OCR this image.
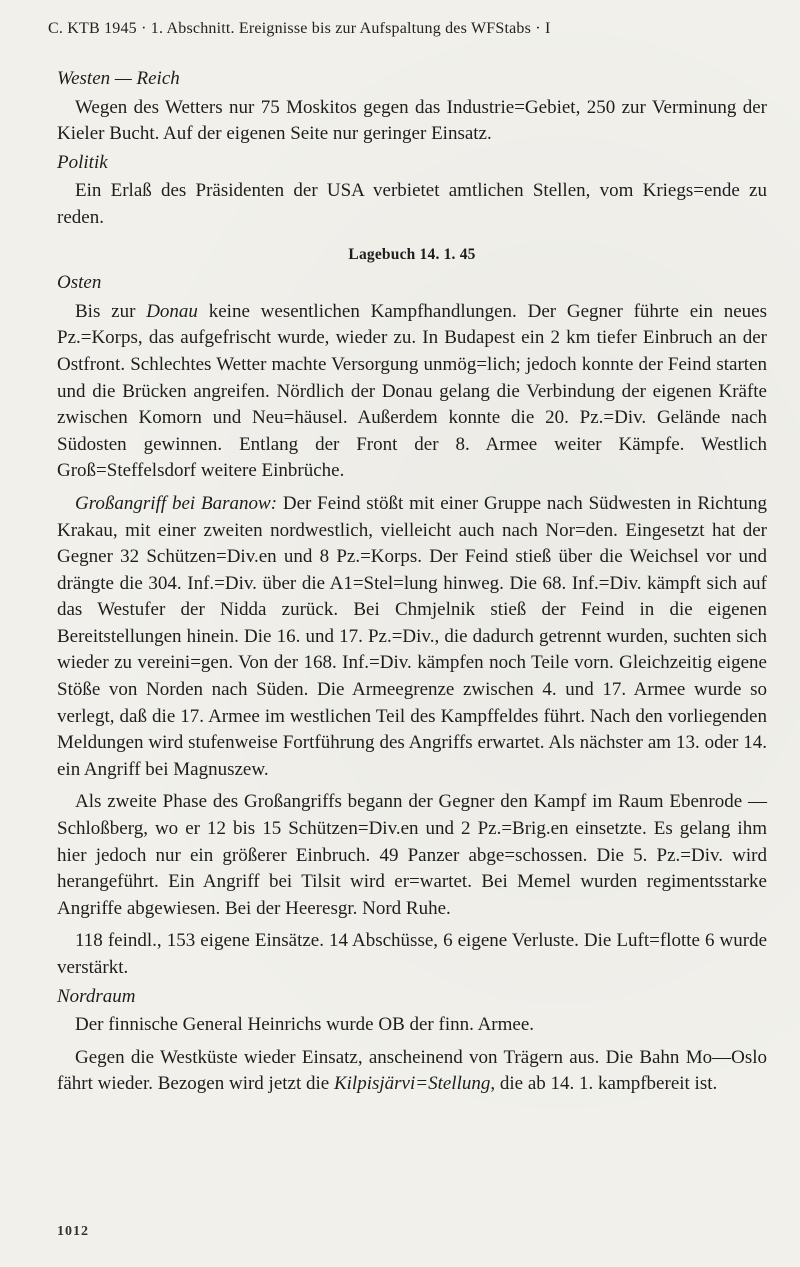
C. KTB 1945 · 1. Abschnitt. Ereignisse bis zur Aufspaltung des WFStabs · I
Westen — Reich

Wegen des Wetters nur 75 Moskitos gegen das Industrie=Gebiet, 250 zur Verminung der Kieler Bucht. Auf der eigenen Seite nur geringer Einsatz.

Politik

Ein Erlaß des Präsidenten der USA verbietet amtlichen Stellen, vom Kriegs=ende zu reden.

Lagebuch 14. 1. 45
Osten

Bis zur Donau keine wesentlichen Kampfhandlungen. Der Gegner führte ein neues Pz.=Korps, das aufgefrischt wurde, wieder zu. In Budapest ein 2 km tiefer Einbruch an der Ostfront. Schlechtes Wetter machte Versorgung unmög=lich; jedoch konnte der Feind starten und die Brücken angreifen. Nördlich der Donau gelang die Verbindung der eigenen Kräfte zwischen Komorn und Neu=häusel. Außerdem konnte die 20. Pz.=Div. Gelände nach Südosten gewinnen. Entlang der Front der 8. Armee weiter Kämpfe. Westlich Groß=Steffelsdorf weitere Einbrüche.

Großangriff bei Baranow: Der Feind stößt mit einer Gruppe nach Südwesten in Richtung Krakau, mit einer zweiten nordwestlich, vielleicht auch nach Nor=den. Eingesetzt hat der Gegner 32 Schützen=Div.en und 8 Pz.=Korps. Der Feind stieß über die Weichsel vor und drängte die 304. Inf.=Div. über die A1=Stel=lung hinweg. Die 68. Inf.=Div. kämpft sich auf das Westufer der Nidda zurück. Bei Chmjelnik stieß der Feind in die eigenen Bereitstellungen hinein. Die 16. und 17. Pz.=Div., die dadurch getrennt wurden, suchten sich wieder zu vereini=gen. Von der 168. Inf.=Div. kämpfen noch Teile vorn. Gleichzeitig eigene Stöße von Norden nach Süden. Die Armeegrenze zwischen 4. und 17. Armee wurde so verlegt, daß die 17. Armee im westlichen Teil des Kampffeldes führt. Nach den vorliegenden Meldungen wird stufenweise Fortführung des Angriffs erwartet. Als nächster am 13. oder 14. ein Angriff bei Magnuszew.

Als zweite Phase des Großangriffs begann der Gegner den Kampf im Raum Ebenrode — Schloßberg, wo er 12 bis 15 Schützen=Div.en und 2 Pz.=Brig.en einsetzte. Es gelang ihm hier jedoch nur ein größerer Einbruch. 49 Panzer abge=schossen. Die 5. Pz.=Div. wird herangeführt. Ein Angriff bei Tilsit wird er=wartet. Bei Memel wurden regimentsstarke Angriffe abgewiesen. Bei der Heeresgr. Nord Ruhe.

118 feindl., 153 eigene Einsätze. 14 Abschüsse, 6 eigene Verluste. Die Luft=flotte 6 wurde verstärkt.

Nordraum

Der finnische General Heinrichs wurde OB der finn. Armee.

Gegen die Westküste wieder Einsatz, anscheinend von Trägern aus. Die Bahn Mo—Oslo fährt wieder. Bezogen wird jetzt die Kilpisjärvi=Stellung, die ab 14. 1. kampfbereit ist.

1012
